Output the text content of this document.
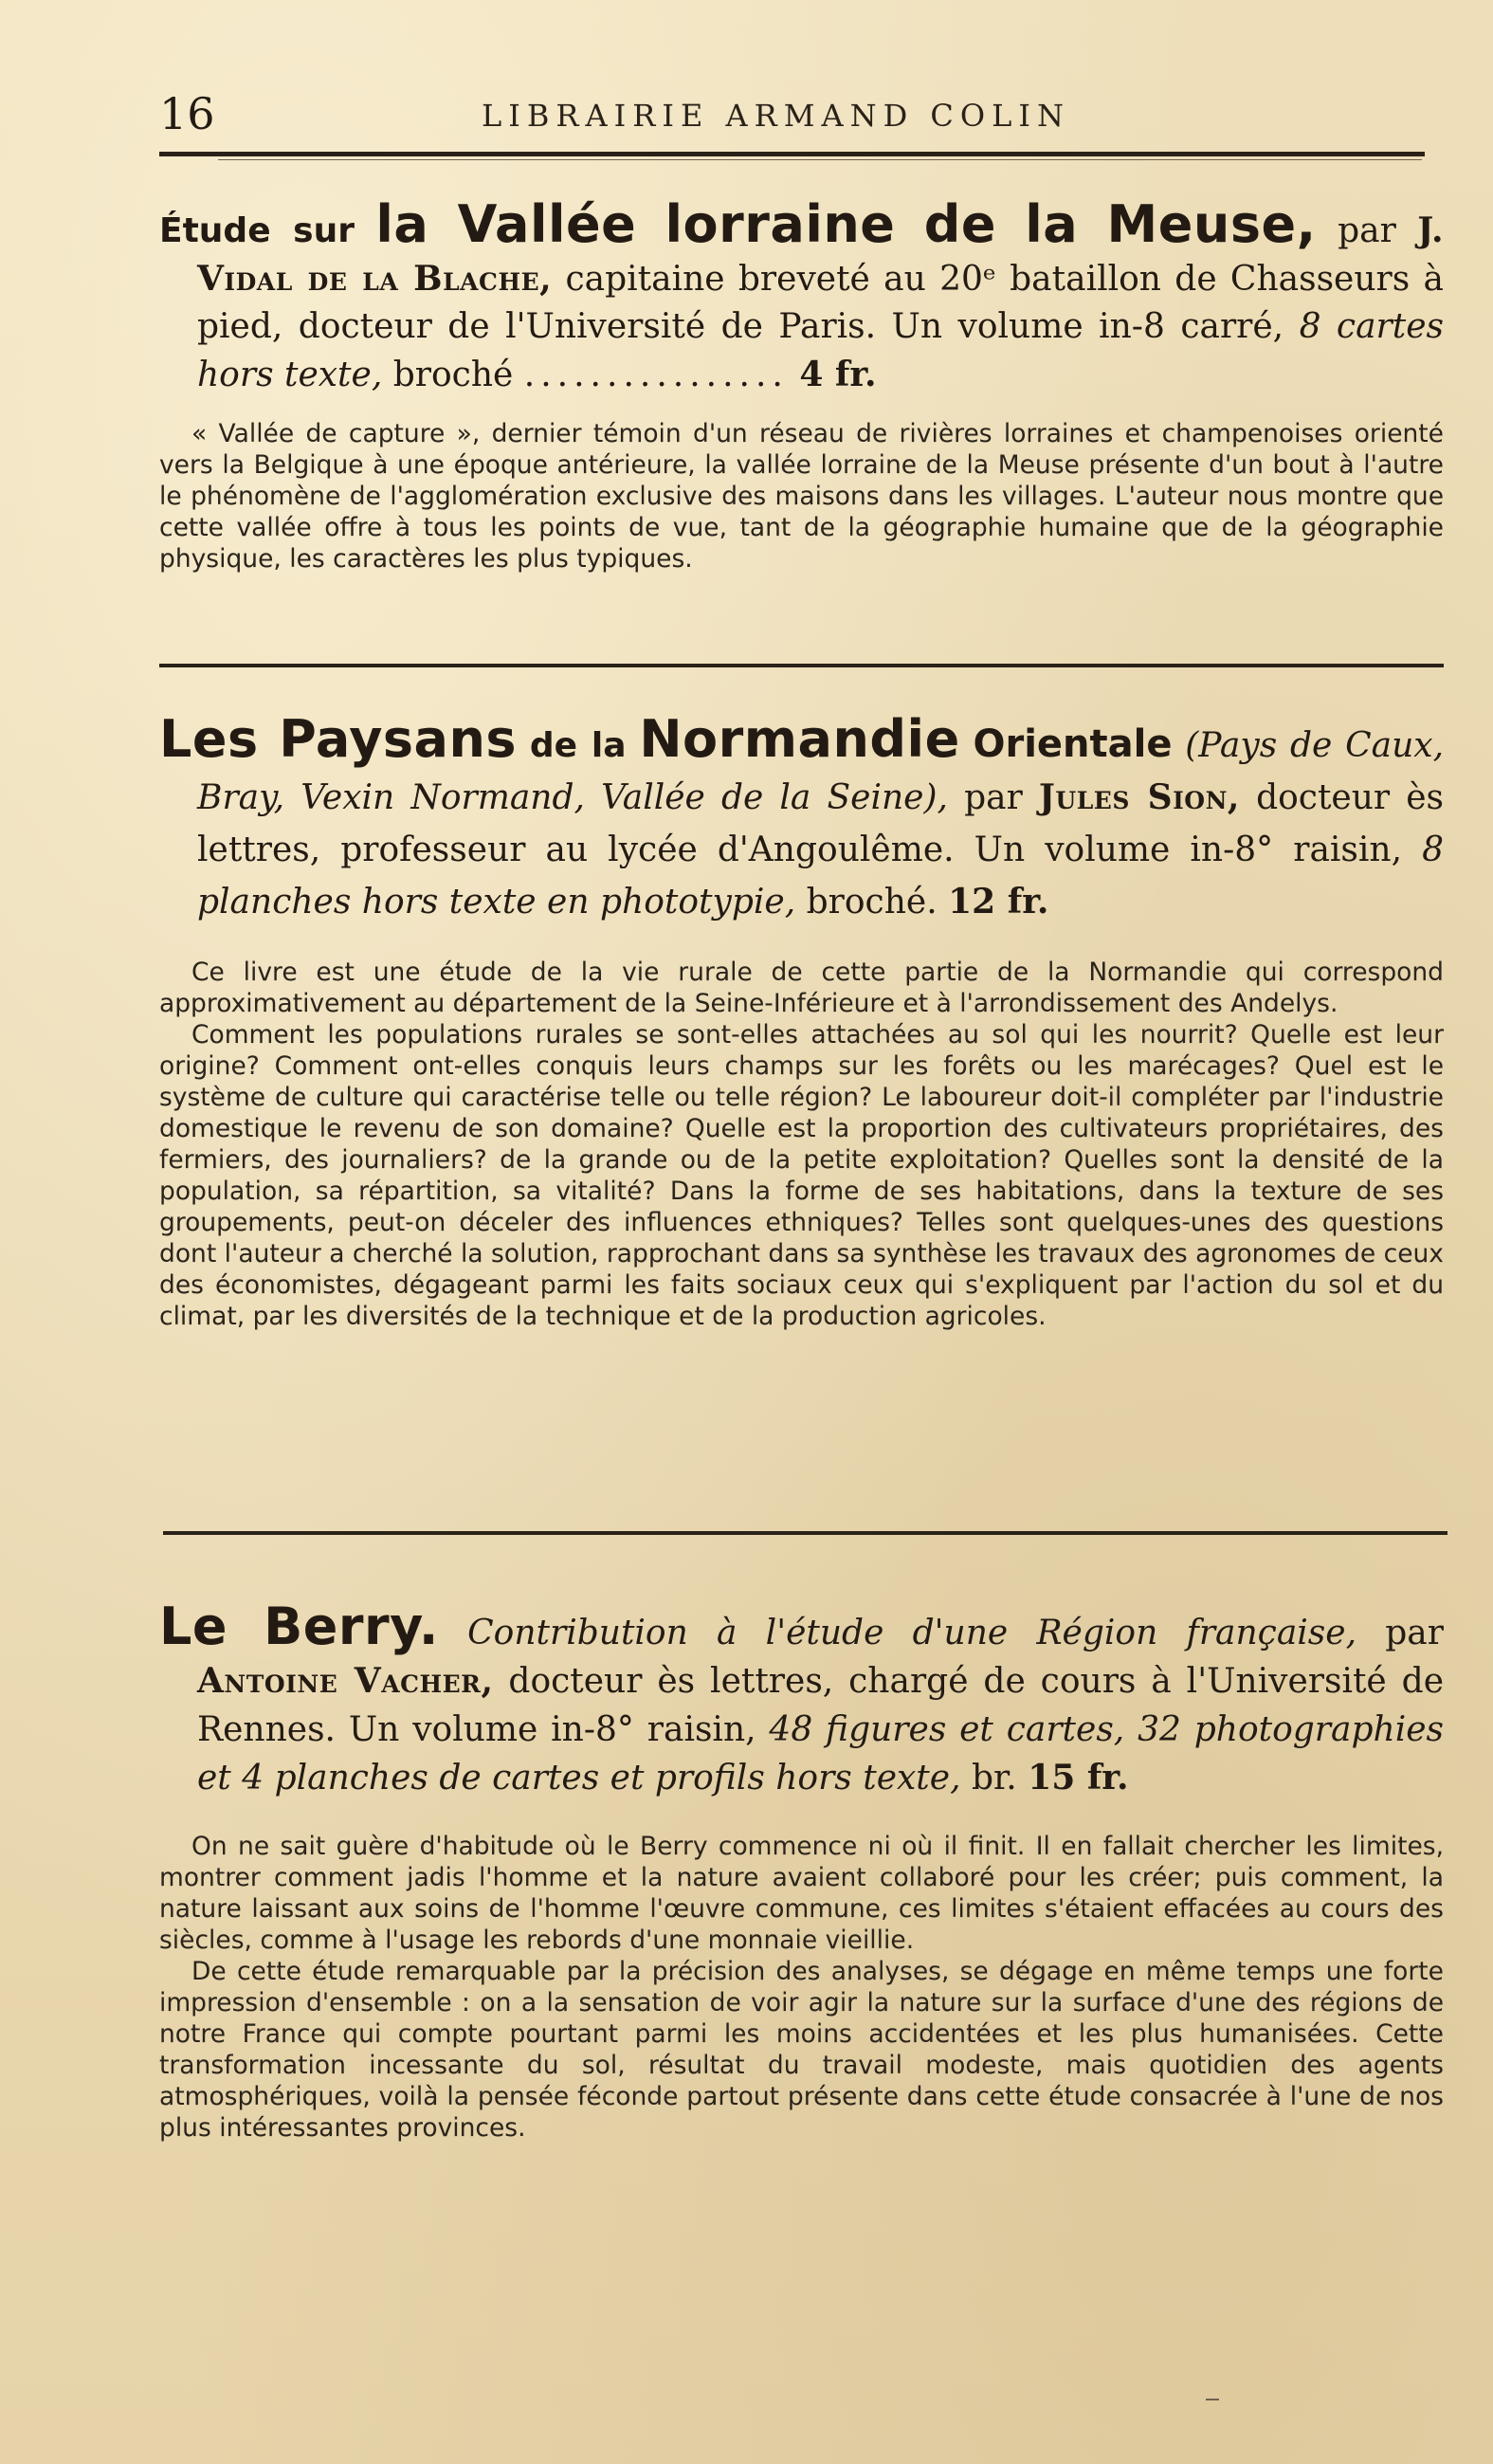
16	LIBRAIRIE ARMAND COLIN

Étude sur la Vallée lorraine de la Meuse, par J. Vidal de la Blache, capitaine breveté au 20ᵉ bataillon de Chasseurs à pied, docteur de l'Université de Paris. Un volume in-8 carré, 8 cartes hors texte, broché ................ 4 fr.

« Vallée de capture », dernier témoin d'un réseau de rivières lorraines et champenoises orienté vers la Belgique à une époque antérieure, la vallée lorraine de la Meuse présente d'un bout à l'autre le phénomène de l'agglomération exclusive des maisons dans les villages. L'auteur nous montre que cette vallée offre à tous les points de vue, tant de la géographie humaine que de la géographie physique, les caractères les plus typiques.

Les Paysans de la Normandie Orientale (Pays de Caux, Bray, Vexin Normand, Vallée de la Seine), par Jules Sion, docteur ès lettres, professeur au lycée d'Angoulême. Un volume in-8° raisin, 8 planches hors texte en phototypie, broché. 12 fr.

Ce livre est une étude de la vie rurale de cette partie de la Normandie qui correspond approximativement au département de la Seine-Inférieure et à l'arrondissement des Andelys.

Comment les populations rurales se sont-elles attachées au sol qui les nourrit? Quelle est leur origine? Comment ont-elles conquis leurs champs sur les forêts ou les marécages? Quel est le système de culture qui caractérise telle ou telle région? Le laboureur doit-il compléter par l'industrie domestique le revenu de son domaine? Quelle est la proportion des cultivateurs propriétaires, des fermiers, des journaliers? de la grande ou de la petite exploitation? Quelles sont la densité de la population, sa répartition, sa vitalité? Dans la forme de ses habitations, dans la texture de ses groupements, peut-on déceler des influences ethniques? Telles sont quelques-unes des questions dont l'auteur a cherché la solution, rapprochant dans sa synthèse les travaux des agronomes de ceux des économistes, dégageant parmi les faits sociaux ceux qui s'expliquent par l'action du sol et du climat, par les diversités de la technique et de la production agricoles.

Le Berry. Contribution à l'étude d'une Région française, par Antoine Vacher, docteur ès lettres, chargé de cours à l'Université de Rennes. Un volume in-8° raisin, 48 figures et cartes, 32 photographies et 4 planches de cartes et profils hors texte, br. 15 fr.

On ne sait guère d'habitude où le Berry commence ni où il finit. Il en fallait chercher les limites, montrer comment jadis l'homme et la nature avaient collaboré pour les créer; puis comment, la nature laissant aux soins de l'homme l'œuvre commune, ces limites s'étaient effacées au cours des siècles, comme à l'usage les rebords d'une monnaie vieillie.

De cette étude remarquable par la précision des analyses, se dégage en même temps une forte impression d'ensemble : on a la sensation de voir agir la nature sur la surface d'une des régions de notre France qui compte pourtant parmi les moins accidentées et les plus humanisées. Cette transformation incessante du sol, résultat du travail modeste, mais quotidien des agents atmosphériques, voilà la pensée féconde partout présente dans cette étude consacrée à l'une de nos plus intéressantes provinces.
